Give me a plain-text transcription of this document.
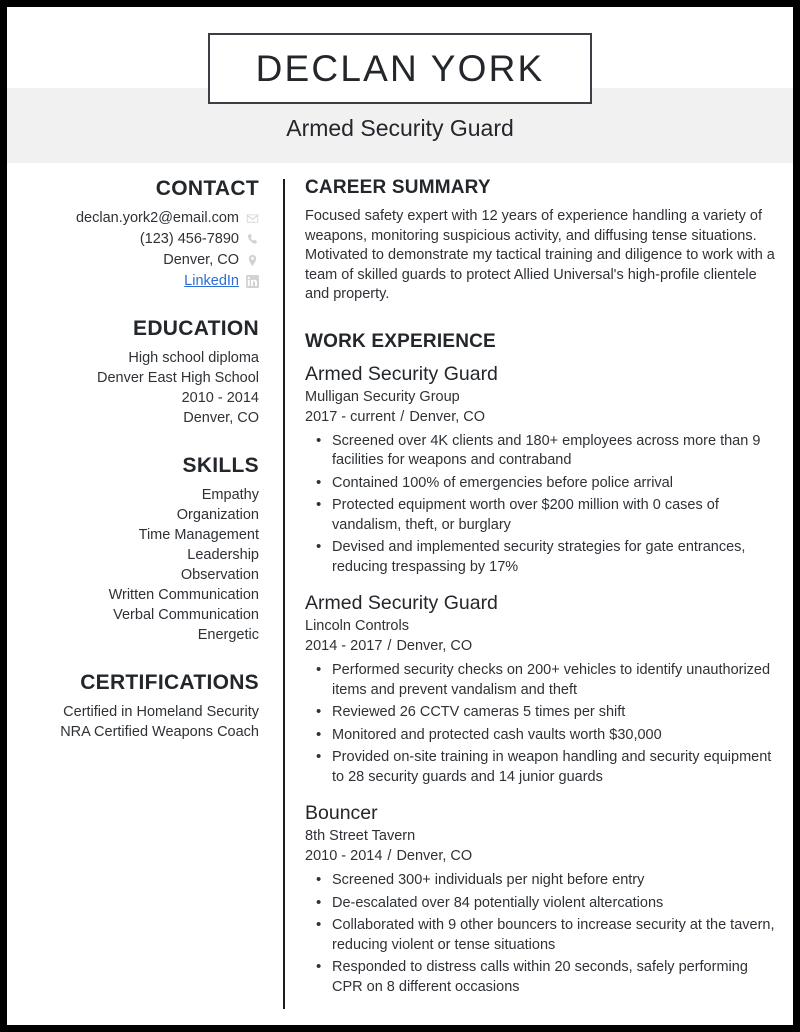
DECLAN YORK
Armed Security Guard
CONTACT
declan.york2@email.com
(123) 456-7890
Denver, CO
LinkedIn
EDUCATION
High school diploma
Denver East High School
2010 - 2014
Denver, CO
SKILLS
Empathy
Organization
Time Management
Leadership
Observation
Written Communication
Verbal Communication
Energetic
CERTIFICATIONS
Certified in Homeland Security
NRA Certified Weapons Coach
CAREER SUMMARY
Focused safety expert with 12 years of experience handling a variety of weapons, monitoring suspicious activity, and diffusing tense situations. Motivated to demonstrate my tactical training and diligence to work with a team of skilled guards to protect Allied Universal's high-profile clientele and property.
WORK EXPERIENCE
Armed Security Guard
Mulligan Security Group
2017 - current / Denver, CO
• Screened over 4K clients and 180+ employees across more than 9 facilities for weapons and contraband
• Contained 100% of emergencies before police arrival
• Protected equipment worth over $200 million with 0 cases of vandalism, theft, or burglary
• Devised and implemented security strategies for gate entrances, reducing trespassing by 17%
Armed Security Guard
Lincoln Controls
2014 - 2017 / Denver, CO
• Performed security checks on 200+ vehicles to identify unauthorized items and prevent vandalism and theft
• Reviewed 26 CCTV cameras 5 times per shift
• Monitored and protected cash vaults worth $30,000
• Provided on-site training in weapon handling and security equipment to 28 security guards and 14 junior guards
Bouncer
8th Street Tavern
2010 - 2014 / Denver, CO
• Screened 300+ individuals per night before entry
• De-escalated over 84 potentially violent altercations
• Collaborated with 9 other bouncers to increase security at the tavern, reducing violent or tense situations
• Responded to distress calls within 20 seconds, safely performing CPR on 8 different occasions
